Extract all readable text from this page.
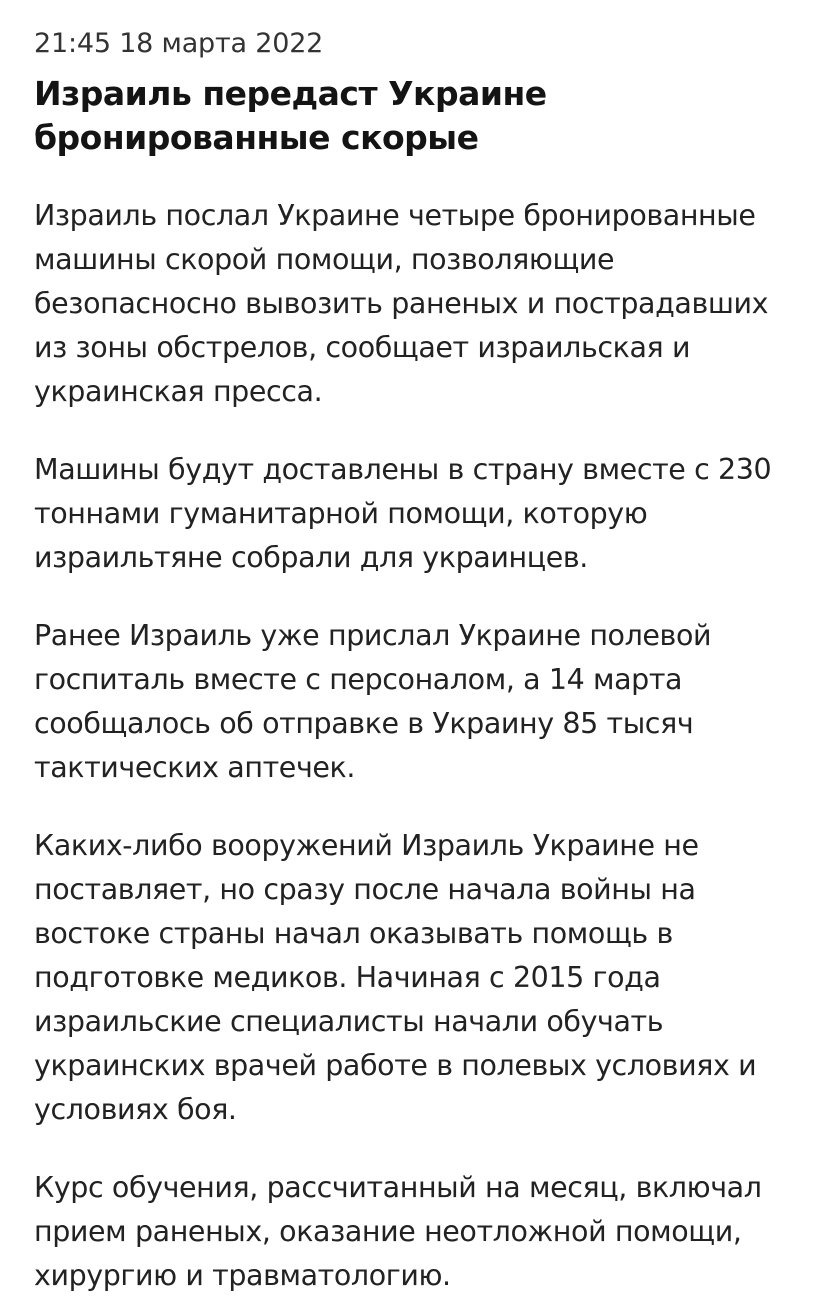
21:45 18 марта 2022
Израиль передаст Украине бронированные скорые

Израиль послал Украине четыре бронированные машины скорой помощи, позволяющие безопасносно вывозить раненых и пострадавших из зоны обстрелов, сообщает израильская и украинская пресса.

Машины будут доставлены в страну вместе с 230 тоннами гуманитарной помощи, которую израильтяне собрали для украинцев.

Ранее Израиль уже прислал Украине полевой госпиталь вместе с персоналом, а 14 марта сообщалось об отправке в Украину 85 тысяч тактических аптечек.

Каких-либо вооружений Израиль Украине не поставляет, но сразу после начала войны на востоке страны начал оказывать помощь в подготовке медиков. Начиная с 2015 года израильские специалисты начали обучать украинских врачей работе в полевых условиях и условиях боя.

Курс обучения, рассчитанный на месяц, включал прием раненых, оказание неотложной помощи, хирургию и травматологию.
